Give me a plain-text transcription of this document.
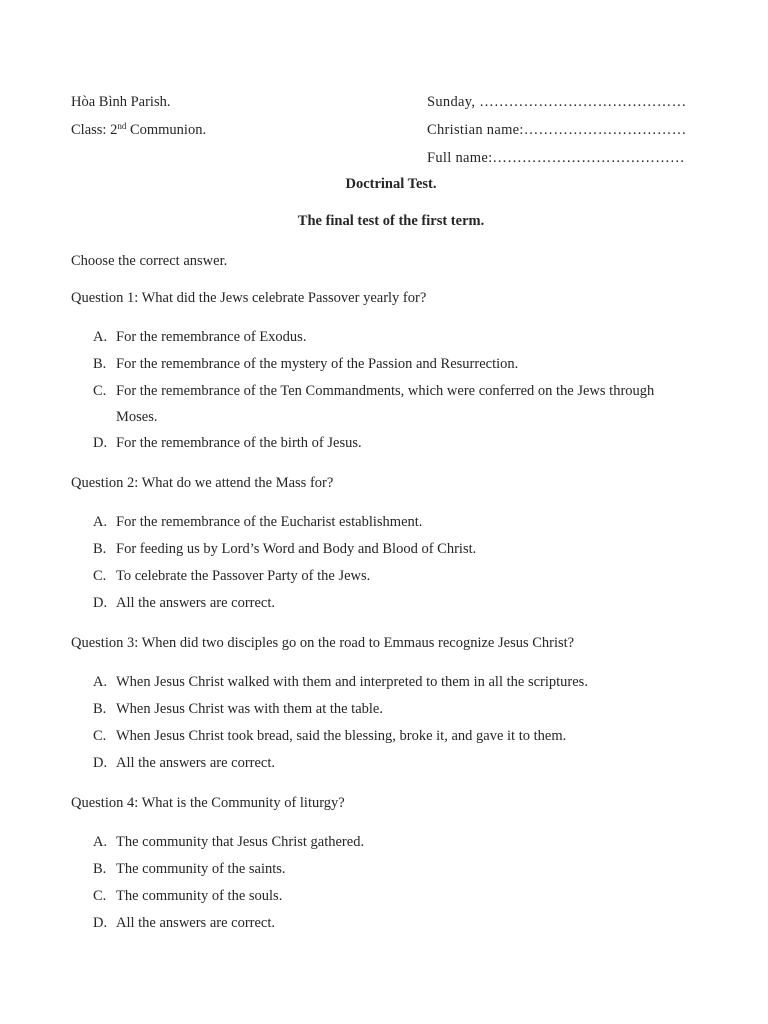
Hòa Bình Parish.
Class: 2nd Communion.
Sunday, ……………………………………
Christian name:……………………………
Full name:…………………………………
Doctrinal Test.
The final test of the first term.
Choose the correct answer.
Question 1: What did the Jews celebrate Passover yearly for?
A. For the remembrance of Exodus.
B. For the remembrance of the mystery of the Passion and Resurrection.
C. For the remembrance of the Ten Commandments, which were conferred on the Jews through Moses.
D. For the remembrance of the birth of Jesus.
Question 2: What do we attend the Mass for?
A. For the remembrance of the Eucharist establishment.
B. For feeding us by Lord’s Word and Body and Blood of Christ.
C. To celebrate the Passover Party of the Jews.
D. All the answers are correct.
Question 3: When did two disciples go on the road to Emmaus recognize Jesus Christ?
A. When Jesus Christ walked with them and interpreted to them in all the scriptures.
B. When Jesus Christ was with them at the table.
C. When Jesus Christ took bread, said the blessing, broke it, and gave it to them.
D. All the answers are correct.
Question 4: What is the Community of liturgy?
A. The community that Jesus Christ gathered.
B. The community of the saints.
C. The community of the souls.
D. All the answers are correct.
